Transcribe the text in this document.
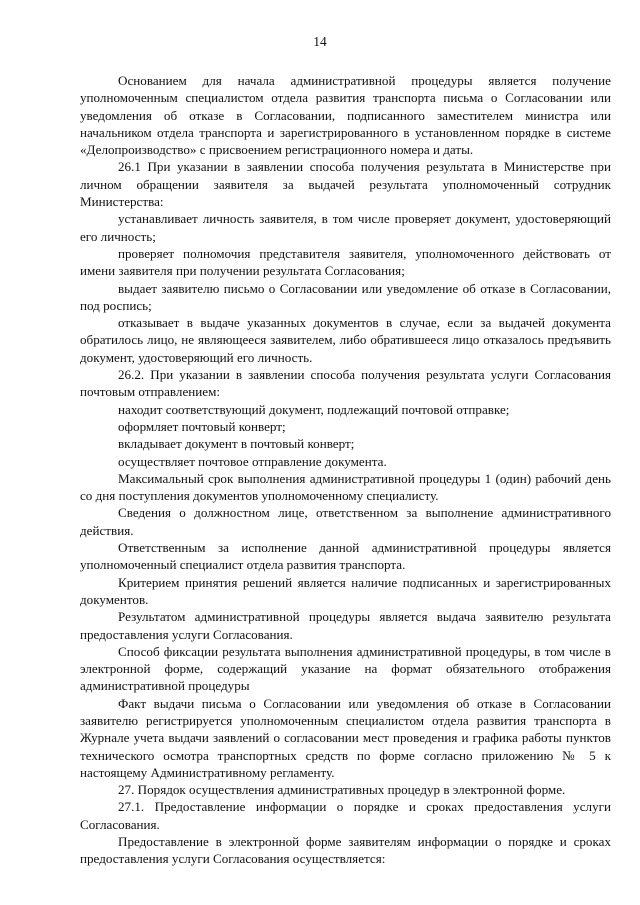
14

Основанием для начала административной процедуры является получение уполномоченным специалистом отдела развития транспорта письма о Согласовании или уведомления об отказе в Согласовании, подписанного заместителем министра или начальником отдела транспорта и зарегистрированного в установленном порядке в системе «Делопроизводство» с присвоением регистрационного номера и даты.

26.1 При указании в заявлении способа получения результата в Министерстве при личном обращении заявителя за выдачей результата уполномоченный сотрудник Министерства:

устанавливает личность заявителя, в том числе проверяет документ, удостоверяющий его личность;

проверяет полномочия представителя заявителя, уполномоченного действовать от имени заявителя при получении результата Согласования;

выдает заявителю письмо о Согласовании или уведомление об отказе в Согласовании, под роспись;

отказывает в выдаче указанных документов в случае, если за выдачей документа обратилось лицо, не являющееся заявителем, либо обратившееся лицо отказалось предъявить документ, удостоверяющий его личность.

26.2. При указании в заявлении способа получения результата услуги Согласования почтовым отправлением:

находит соответствующий документ, подлежащий почтовой отправке;

оформляет почтовый конверт;

вкладывает документ в почтовый конверт;

осуществляет почтовое отправление документа.

Максимальный срок выполнения административной процедуры 1 (один) рабочий день со дня поступления документов уполномоченному специалисту.

Сведения о должностном лице, ответственном за выполнение административного действия.

Ответственным за исполнение данной административной процедуры является уполномоченный специалист отдела развития транспорта.

Критерием принятия решений является наличие подписанных и зарегистрированных документов.

Результатом административной процедуры является выдача заявителю результата предоставления услуги Согласования.

Способ фиксации результата выполнения административной процедуры, в том числе в электронной форме, содержащий указание на формат обязательного отображения административной процедуры

Факт выдачи письма о Согласовании или уведомления об отказе в Согласовании заявителю регистрируется уполномоченным специалистом отдела развития транспорта в Журнале учета выдачи заявлений о согласовании мест проведения и графика работы пунктов технического осмотра транспортных средств по форме согласно приложению № 5 к настоящему Административному регламенту.

27. Порядок осуществления административных процедур в электронной форме.

27.1. Предоставление информации о порядке и сроках предоставления услуги Согласования.

Предоставление в электронной форме заявителям информации о порядке и сроках предоставления услуги Согласования осуществляется:
